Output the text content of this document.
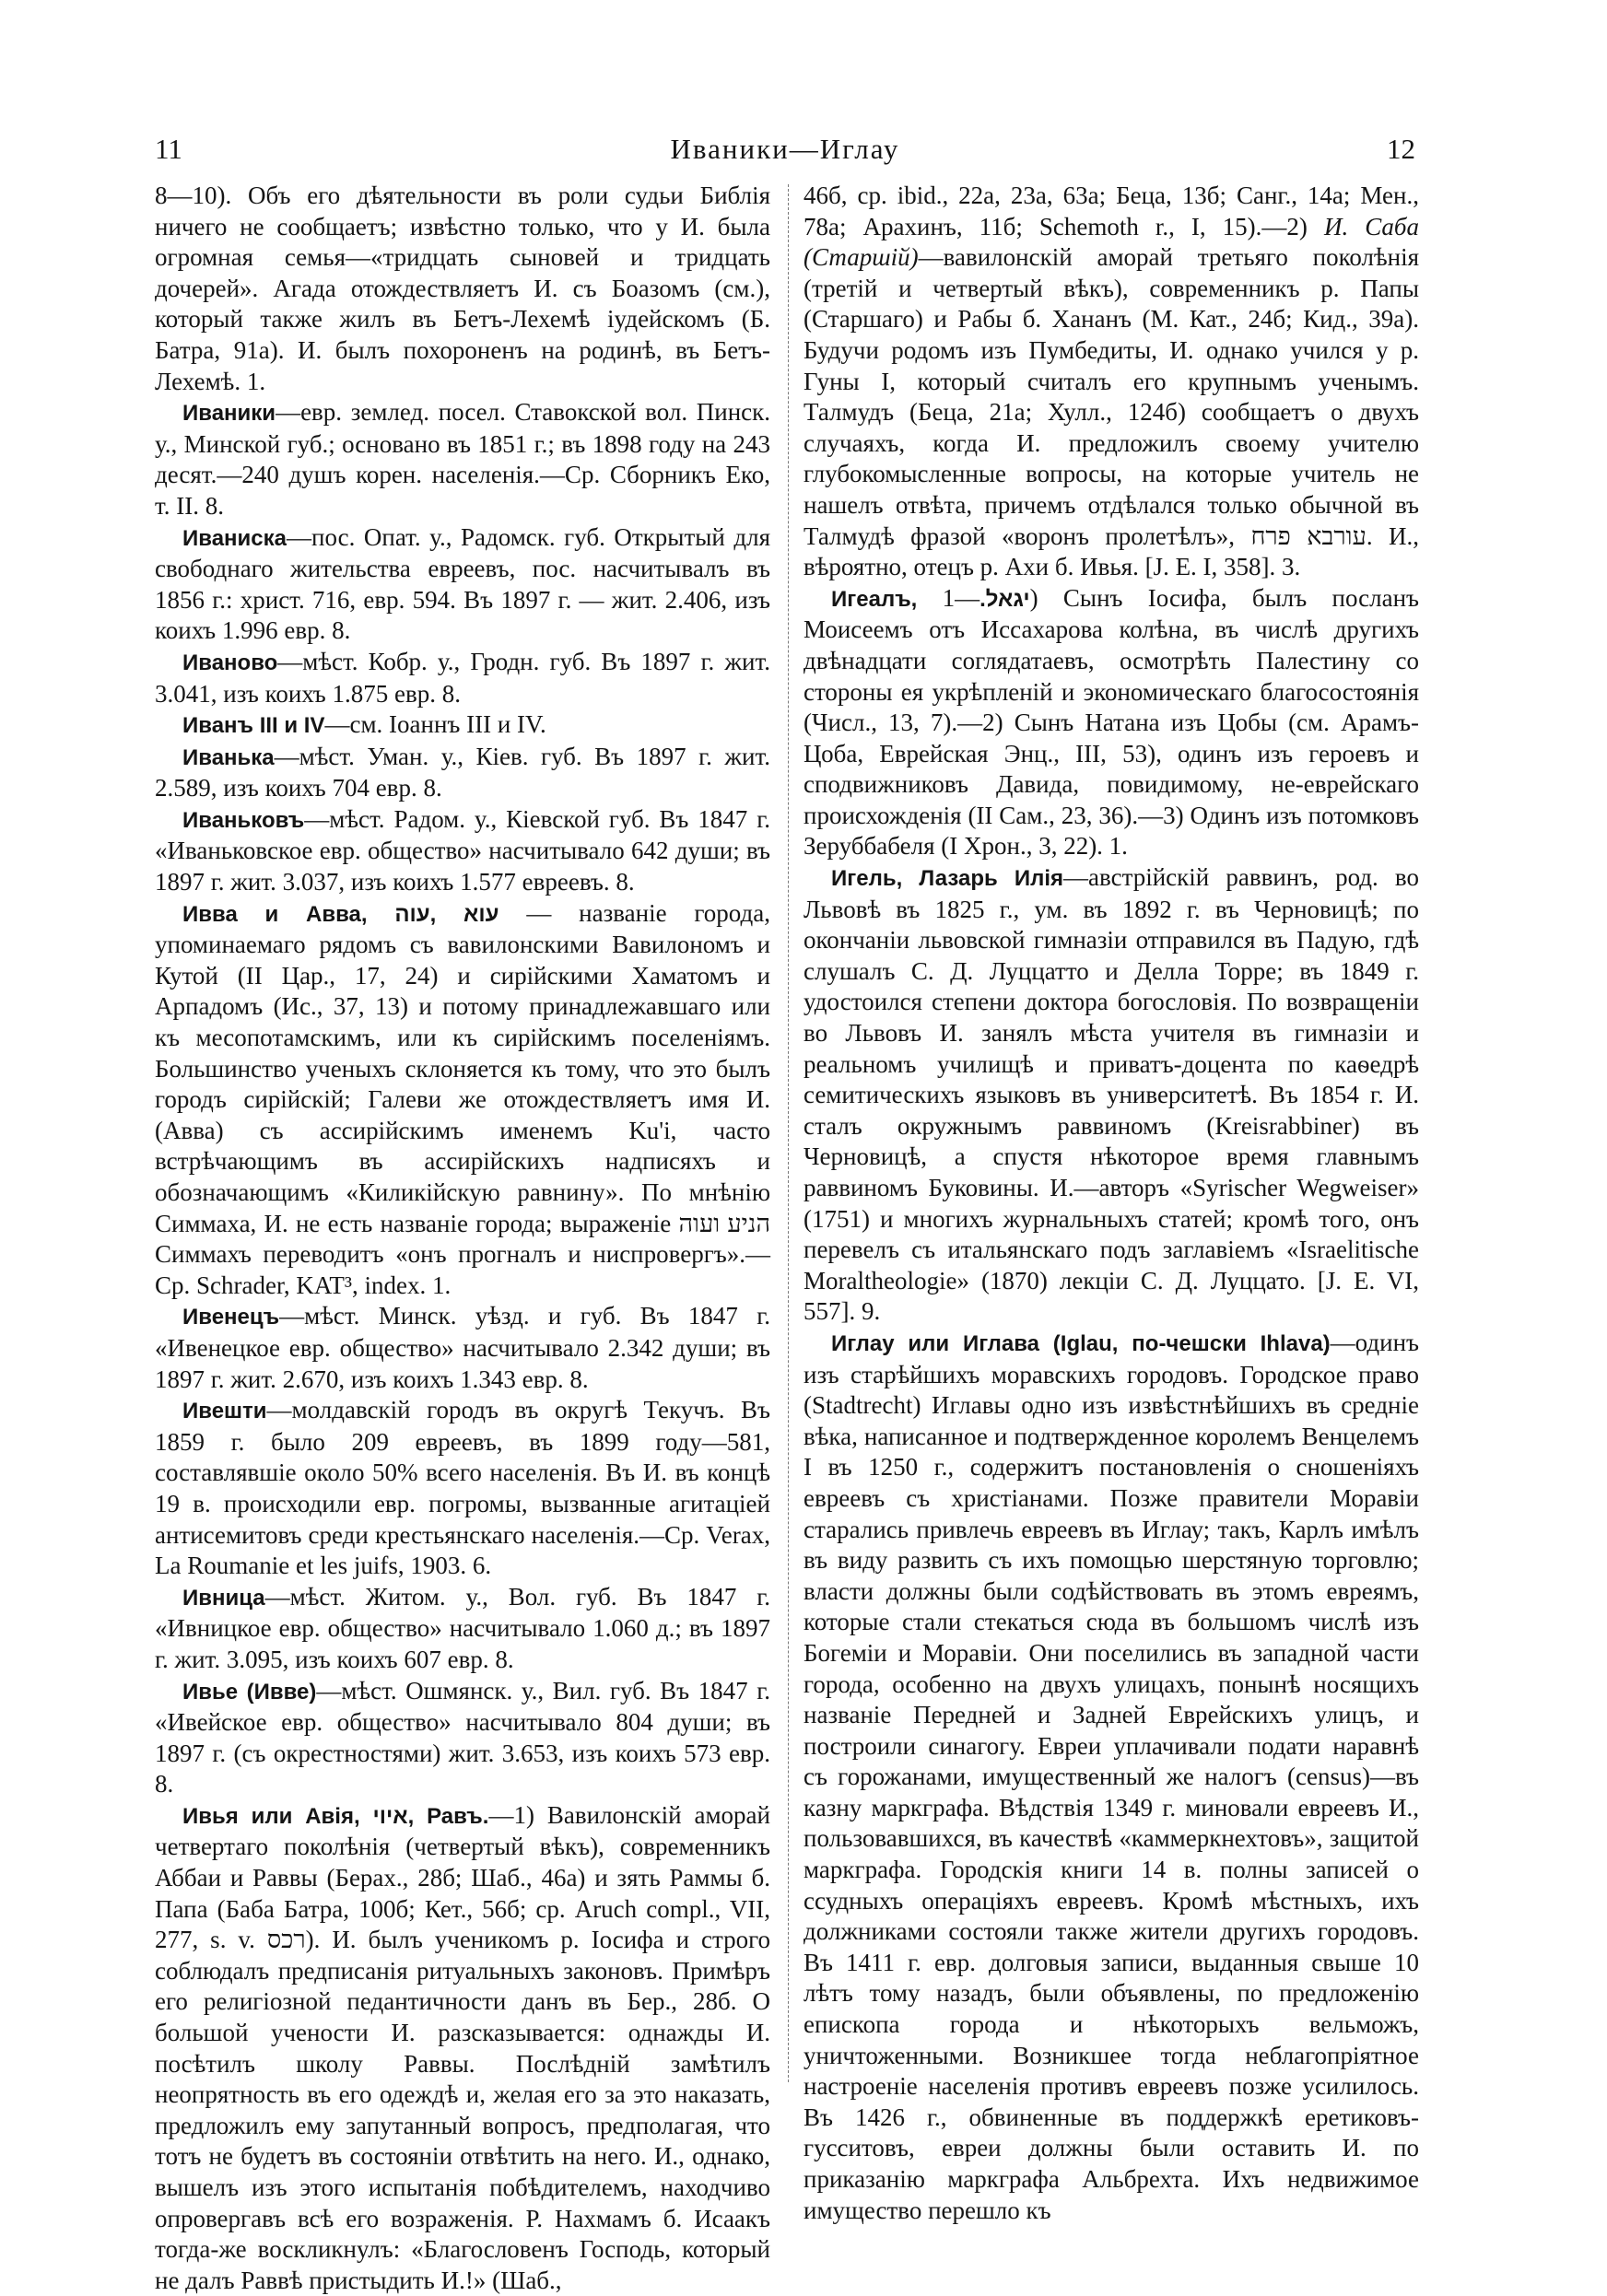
11	Иваники—Иглау	12

8—10). Объ его дѣятельности въ роли судьи Библія ничего не сообщаетъ; извѣстно только, что у И. была огромная семья—«тридцать сыновей и тридцать дочерей». Агада отождествляетъ И. съ Боазомъ (см.), который также жилъ въ Бетъ-Лехемѣ іудейскомъ (Б. Батра, 91а). И. былъ похороненъ на родинѣ, въ Бетъ-Лехемѣ. 1.

Иваники—евр. землед. посел. Ставокской вол. Пинск. у., Минской губ.; основано въ 1851 г.; въ 1898 году на 243 десят.—240 душъ корен. населенія.—Ср. Сборникъ Еко, т. II. 8.

Иваниска—пос. Опат. у., Радомск. губ. Открытый для свободнаго жительства евреевъ, пос. насчитывалъ въ 1856 г.: христ. 716, евр. 594. Въ 1897 г. — жит. 2.406, изъ коихъ 1.996 евр. 8.

Иваново—мѣст. Кобр. у., Гродн. губ. Въ 1897 г. жит. 3.041, изъ коихъ 1.875 евр. 8.

Иванъ III и IV—см. Іоаннъ III и IV.

Иванька—мѣст. Уман. у., Кіев. губ. Въ 1897 г. жит. 2.589, изъ коихъ 704 евр. 8.

Иваньковъ—мѣст. Радом. у., Кіевской губ. Въ 1847 г. «Иваньковское евр. общество» насчитывало 642 души; въ 1897 г. жит. 3.037, изъ коихъ 1.577 евреевъ. 8.

Ивва и Авва, עוא ,עוה — названіе города, упоминаемаго рядомъ съ вавилонскими Вавилономъ и Кутой (II Цар., 17, 24) и сирійскими Хаматомъ и Арпадомъ (Ис., 37, 13) и потому принадлежавшаго или къ месопотамскимъ, или къ сирійскимъ поселеніямъ. Большинство ученыхъ склоняется къ тому, что это былъ городъ сирійскій; Галеви же отождествляетъ имя И. (Авва) съ ассирійскимъ именемъ Ku'i, часто встрѣчающимъ въ ассирійскихъ надписяхъ и обозначающимъ «Киликійскую равнину». По мнѣнію Симмаха, И. не есть названіе города; выраженіе הניע ועוה Симмахъ переводитъ «онъ прогналъ и ниспровергъ».—Ср. Schrader, KAT³, index. 1.

Ивенецъ—мѣст. Минск. уѣзд. и губ. Въ 1847 г. «Ивенецкое евр. общество» насчитывало 2.342 души; въ 1897 г. жит. 2.670, изъ коихъ 1.343 евр. 8.

Ивешти—молдавскій городъ въ округѣ Текучъ. Въ 1859 г. было 209 евреевъ, въ 1899 году—581, составлявшіе около 50% всего населенія. Въ И. въ концѣ 19 в. происходили евр. погромы, вызванные агитаціей антисемитовъ среди крестьянскаго населенія.—Ср. Verax, La Roumanie et les juifs, 1903. 6.

Ивница—мѣст. Житом. у., Вол. губ. Въ 1847 г. «Ивницкое евр. общество» насчитывало 1.060 д.; въ 1897 г. жит. 3.095, изъ коихъ 607 евр. 8.

Ивье (Ивве)—мѣст. Ошмянск. у., Вил. губ. Въ 1847 г. «Ивейское евр. общество» насчитывало 804 души; въ 1897 г. (съ окрестностями) жит. 3.653, изъ коихъ 573 евр. 8.

Ивья или Авія, איוי, Равъ.—1) Вавилонскій аморай четвертаго поколѣнія (четвертый вѣкъ), современникъ Аббаи и Раввы (Берах., 28б; Шаб., 46а) и зять Раммы б. Папа (Баба Батра, 100б; Кет., 56б; ср. Aruch compl., VII, 277, s. v. רכס). И. былъ ученикомъ р. Іосифа и строго соблюдалъ предписанія ритуальныхъ законовъ. Примѣръ его религіозной педантичности данъ въ Бер., 28б. О большой учености И. разсказывается: однажды И. посѣтилъ школу Раввы. Послѣдній замѣтилъ неопрятность въ его одеждѣ и, желая его за это наказать, предложилъ ему запутанный вопросъ, предполагая, что тотъ не будетъ въ состояніи отвѣтить на него. И., однако, вышелъ изъ этого испытанія побѣдителемъ, находчиво опровергавъ всѣ его возраженія. Р. Нахмамъ б. Исаакъ тогда-же воскликнулъ: «Благословенъ Господь, который не далъ Раввѣ пристыдить И.!» (Шаб.,

46б, ср. ibid., 22а, 23а, 63а; Беца, 13б; Санг., 14а; Мен., 78а; Арахинъ, 11б; Schemoth r., I, 15).—2) И. Саба (Старшій)—вавилонскій аморай третьяго поколѣнія (третій и четвертый вѣкъ), современникъ р. Папы (Старшаго) и Рабы б. Хананъ (М. Кат., 24б; Кид., 39а). Будучи родомъ изъ Пумбедиты, И. однако учился у р. Гуны I, который считалъ его крупнымъ ученымъ. Талмудъ (Беца, 21а; Хулл., 124б) сообщаетъ о двухъ случаяхъ, когда И. предложилъ своему учителю глубокомысленные вопросы, на которые учитель не нашелъ отвѣта, причемъ отдѣлался только обычной въ Талмудѣ фразой «воронъ пролетѣлъ», עורבא פרח. И., вѣроятно, отецъ р. Ахи б. Ивья. [J. E. I, 358]. 3.

Игеалъ, יגאל.—1) Сынъ Іосифа, былъ посланъ Моисеемъ отъ Иссахарова колѣна, въ числѣ другихъ двѣнадцати соглядатаевъ, осмотрѣть Палестину со стороны ея укрѣпленій и экономическаго благосостоянія (Числ., 13, 7).—2) Сынъ Натана изъ Цобы (см. Арамъ-Цоба, Еврейская Энц., III, 53), одинъ изъ героевъ и сподвижниковъ Давида, повидимому, не-еврейскаго происхожденія (II Сам., 23, 36).—3) Одинъ изъ потомковъ Зеруббабеля (I Хрон., 3, 22). 1.

Игель, Лазарь Илія—австрійскій раввинъ, род. во Львовѣ въ 1825 г., ум. въ 1892 г. въ Черновицѣ; по окончаніи львовской гимназіи отправился въ Падую, гдѣ слушалъ С. Д. Луццатто и Делла Торре; въ 1849 г. удостоился степени доктора богословія. По возвращеніи во Львовъ И. занялъ мѣста учителя въ гимназіи и реальномъ училищѣ и приватъ-доцента по каѳедрѣ семитическихъ языковъ въ университетѣ. Въ 1854 г. И. сталъ окружнымъ раввиномъ (Kreisrabbiner) въ Черновицѣ, а спустя нѣкоторое время главнымъ раввиномъ Буковины. И.—авторъ «Syrischer Wegweiser» (1751) и многихъ журнальныхъ статей; кромѣ того, онъ перевелъ съ итальянскаго подъ заглавіемъ «Israelitische Moraltheologie» (1870) лекціи С. Д. Луццато. [J. E. VI, 557]. 9.

Иглау или Иглава (Iglau, по-чешски Ihlava)—одинъ изъ старѣйшихъ моравскихъ городовъ. Городское право (Stadtrecht) Иглавы одно изъ извѣстнѣйшихъ въ средніе вѣка, написанное и подтвержденное королемъ Венцелемъ I въ 1250 г., содержитъ постановленія о сношеніяхъ евреевъ съ христіанами. Позже правители Моравіи старались привлечь евреевъ въ Иглау; такъ, Карлъ имѣлъ въ виду развить съ ихъ помощью шерстяную торговлю; власти должны были содѣйствовать въ этомъ евреямъ, которые стали стекаться сюда въ большомъ числѣ изъ Богеміи и Моравіи. Они поселились въ западной части города, особенно на двухъ улицахъ, понынѣ носящихъ названіе Передней и Задней Еврейскихъ улицъ, и построили синагогу. Евреи уплачивали подати наравнѣ съ горожанами, имущественный же налогъ (census)—въ казну маркграфа. Вѣдствія 1349 г. миновали евреевъ И., пользовавшихся, въ качествѣ «каммеркнехтовъ», защитой маркграфа. Городскія книги 14 в. полны записей о ссудныхъ операціяхъ евреевъ. Кромѣ мѣстныхъ, ихъ должниками состояли также жители другихъ городовъ. Въ 1411 г. евр. долговыя записи, выданныя свыше 10 лѣтъ тому назадъ, были объявлены, по предложенію епископа города и нѣкоторыхъ вельможъ, уничтоженными. Возникшее тогда неблагопріятное настроеніе населенія противъ евреевъ позже усилилось. Въ 1426 г., обвиненные въ поддержкѣ еретиковъ-гусситовъ, евреи должны были оставить И. по приказанію маркграфа Альбрехта. Ихъ недвижимое имущество перешло къ
